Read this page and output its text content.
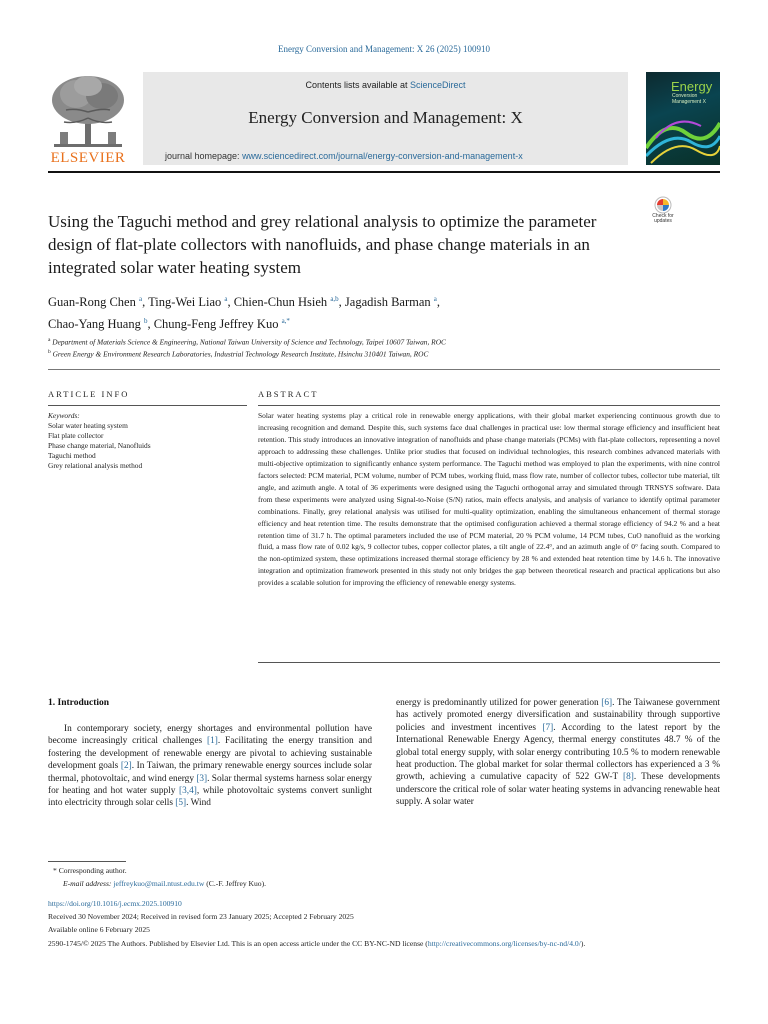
Energy Conversion and Management: X 26 (2025) 100910
ELSEVIER
Contents lists available at ScienceDirect
Energy Conversion and Management: X
journal homepage: www.sciencedirect.com/journal/energy-conversion-and-management-x
Energy
Conversion
Management X
Check for
updates
Using the Taguchi method and grey relational analysis to optimize the parameter design of flat-plate collectors with nanofluids, and phase change materials in an integrated solar water heating system
Guan-Rong Chen $^a$, Ting-Wei Liao $^a$, Chien-Chun Hsieh $^{a,b}$, Jagadish Barman $^a$,
Chao-Yang Huang $^b$, Chung-Feng Jeffrey Kuo $^{a,*}$
$^a$ Department of Materials Science & Engineering, National Taiwan University of Science and Technology, Taipei 10607 Taiwan, ROC
$^b$ Green Energy & Environment Research Laboratories, Industrial Technology Research Institute, Hsinchu 310401 Taiwan, ROC
ARTICLE INFO	ABSTRACT
Keywords:
Solar water heating system
Flat plate collector
Phase change material, Nanofluids
Taguchi method
Grey relational analysis method
Solar water heating systems play a critical role in renewable energy applications, with their global market experiencing continuous growth due to increasing recognition and demand. Despite this, such systems face dual challenges in practical use: low thermal storage efficiency and insufficient heat retention. This study introduces an innovative integration of nanofluids and phase change materials (PCMs) with flat-plate collectors, representing a novel approach to addressing these challenges. Unlike prior studies that focused on individual technologies, this research combines advanced materials with multi-objective optimization to significantly enhance system performance. The Taguchi method was employed to plan the experiments, with nine control factors selected: PCM material, PCM volume, number of PCM tubes, working fluid, mass flow rate, number of collector tubes, collector tube material, tilt angle, and azimuth angle. A total of 36 experiments were designed using the Taguchi orthogonal array and simulated through TRNSYS software. Data from these experiments were analyzed using Signal-to-Noise (S/N) ratios, main effects analysis, and analysis of variance to identify optimal parameter combinations. Finally, grey relational analysis was utilised for multi-quality optimization, enabling the simultaneous enhancement of thermal storage efficiency and heat retention time. The results demonstrate that the optimised configuration achieved a thermal storage efficiency of 94.2 % and a heat retention time of 31.7 h. The optimal parameters included the use of PCM material, 20 % PCM volume, 14 PCM tubes, CuO nanofluid as the working fluid, a mass flow rate of 0.02 kg/s, 9 collector tubes, copper collector plates, a tilt angle of 22.4°, and an azimuth angle of 0° facing south. Compared to the non-optimized system, these optimizations increased thermal storage efficiency by 28 % and extended heat retention time by 14.6 h. The innovative integration and optimization framework presented in this study not only bridges the gap between theoretical research and practical applications but also provides a scalable solution for improving the efficiency of renewable energy systems.
1. Introduction
In contemporary society, energy shortages and environmental pollution have become increasingly critical challenges [1]. Facilitating the energy transition and fostering the development of renewable energy are pivotal to achieving sustainable development goals [2]. In Taiwan, the primary renewable energy sources include solar thermal, photovoltaic, and wind energy [3]. Solar thermal systems harness solar energy for heating and hot water supply [3,4], while photovoltaic systems convert sunlight into electricity through solar cells [5]. Wind
energy is predominantly utilized for power generation [6]. The Taiwanese government has actively promoted energy diversification and sustainability through supportive policies and investment incentives [7]. According to the latest report by the International Renewable Energy Agency, thermal energy constitutes 48.7 % of the global total energy supply, with solar energy contributing 10.5 % to modern renewable heat production. The global market for solar thermal collectors has experienced a 3 % growth, achieving a cumulative capacity of 522 GW-T [8]. These developments underscore the critical role of solar water heating systems in advancing renewable heat supply. A solar water
* Corresponding author.
E-mail address: jeffreykuo@mail.ntust.edu.tw (C.-F. Jeffrey Kuo).
https://doi.org/10.1016/j.ecmx.2025.100910
Received 30 November 2024; Received in revised form 23 January 2025; Accepted 2 February 2025
Available online 6 February 2025
2590-1745/© 2025 The Authors. Published by Elsevier Ltd. This is an open access article under the CC BY-NC-ND license (http://creativecommons.org/licenses/by-nc-nd/4.0/).
